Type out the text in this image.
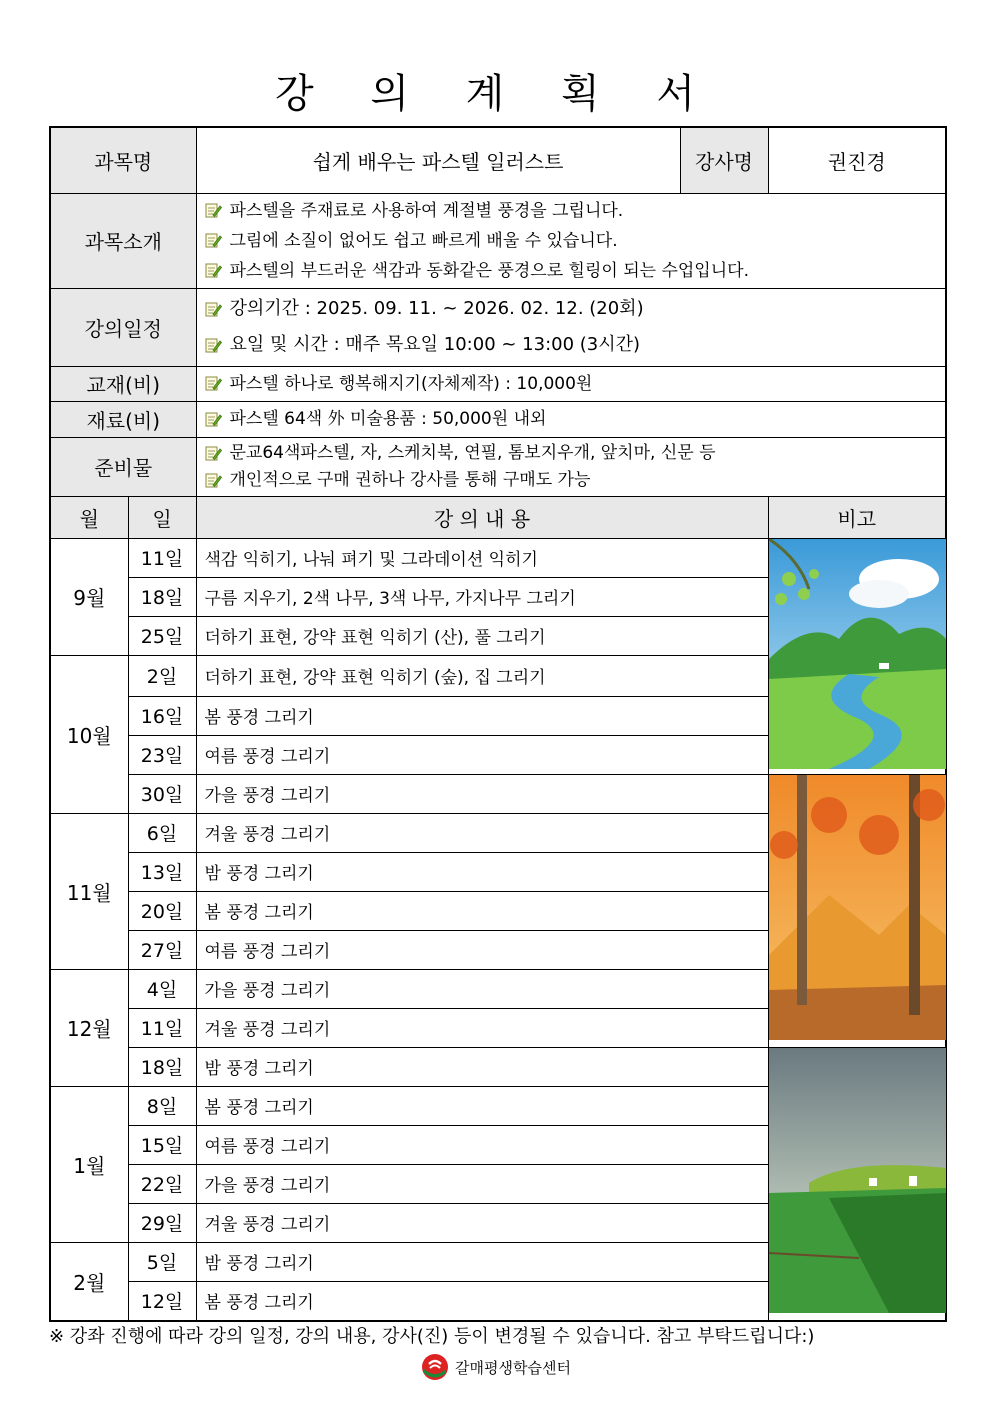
강 의 계 획 서
과목명		쉽게 배우는 파스텔 일러스트	강사명	권진경
과목소개		파스텔을 주재료로 사용하여 계절별 풍경을 그립니다.
그림에 소질이 없어도 쉽고 빠르게 배울 수 있습니다.
파스텔의 부드러운 색감과 동화같은 풍경으로 힐링이 되는 수업입니다.		

강의일정		강의기간 : 2025. 09. 11. ~ 2026. 02. 12. (20회)
요일 및 시간 : 매주 목요일 10:00 ~ 13:00 (3시간)		

교재(비)		파스텔 하나로 행복해지기(자체제작) : 10,000원		

재료(비)		파스텔 64색 外 미술용품 : 50,000원 내외		

준비물		문교64색파스텔, 자, 스케치북, 연필, 톰보지우개, 앞치마, 신문 등
개인적으로 구매 권하나 강사를 통해 구매도 가능		

월	일	강 의 내 용		비고
9월	11일	색감 익히기, 나눠 펴기 및 그라데이션 익히기	

	18일	구름 지우기, 2색 나무, 3색 나무, 가지나무 그리기		
	25일	더하기 표현, 강약 표현 익히기 (산), 풀 그리기		
10월	2일	더하기 표현, 강약 표현 익히기 (숲), 집 그리기		
	16일	봄 풍경 그리기		
	23일	여름 풍경 그리기		
	30일	가을 풍경 그리기	

11월	6일	겨울 풍경 그리기		
	13일	밤 풍경 그리기		
	20일	봄 풍경 그리기		
	27일	여름 풍경 그리기		
12월	4일	가을 풍경 그리기		
	11일	겨울 풍경 그리기		
	18일	밤 풍경 그리기	

1월	8일	봄 풍경 그리기		
	15일	여름 풍경 그리기		
	22일	가을 풍경 그리기		
	29일	겨울 풍경 그리기		
2월	5일	밤 풍경 그리기		
	12일	봄 풍경 그리기		
※ 강좌 진행에 따라 강의 일정, 강의 내용, 강사(진) 등이 변경될 수 있습니다. 참고 부탁드립니다:)
갈매평생학습센터
